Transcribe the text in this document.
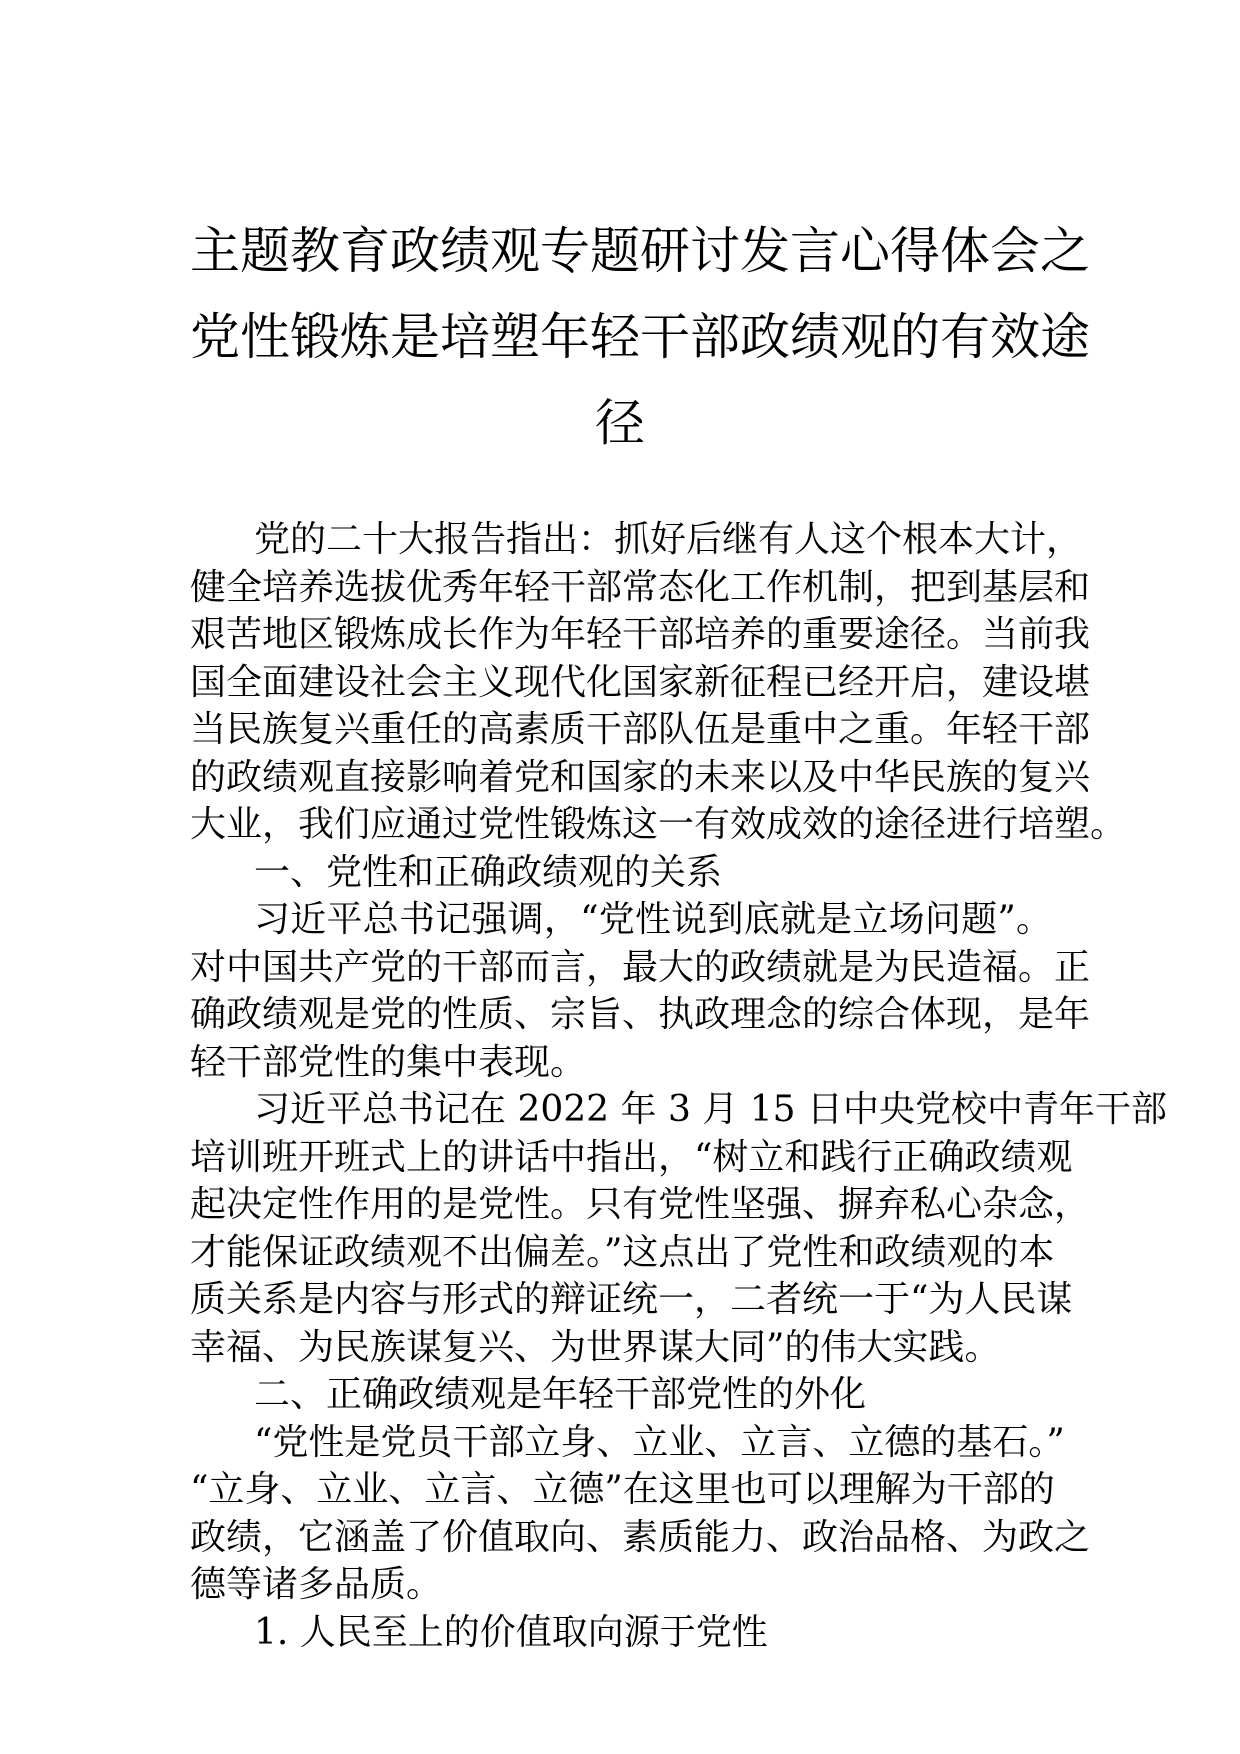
主题教育政绩观专题研讨发言心得体会之
党性锻炼是培塑年轻干部政绩观的有效途
径
党的二十大报告指出：抓好后继有人这个根本大计，
健全培养选拔优秀年轻干部常态化工作机制，把到基层和
艰苦地区锻炼成长作为年轻干部培养的重要途径。当前我
国全面建设社会主义现代化国家新征程已经开启，建设堪
当民族复兴重任的高素质干部队伍是重中之重。年轻干部
的政绩观直接影响着党和国家的未来以及中华民族的复兴
大业，我们应通过党性锻炼这一有效成效的途径进行培塑。
一、党性和正确政绩观的关系
习近平总书记强调，“党性说到底就是立场问题”。
对中国共产党的干部而言，最大的政绩就是为民造福。正
确政绩观是党的性质、宗旨、执政理念的综合体现，是年
轻干部党性的集中表现。
习近平总书记在 2022 年 3 月 15 日中央党校中青年干部
培训班开班式上的讲话中指出，“树立和践行正确政绩观
起决定性作用的是党性。只有党性坚强、摒弃私心杂念，
才能保证政绩观不出偏差。”这点出了党性和政绩观的本
质关系是内容与形式的辩证统一，二者统一于“为人民谋
幸福、为民族谋复兴、为世界谋大同”的伟大实践。
二、正确政绩观是年轻干部党性的外化
“党性是党员干部立身、立业、立言、立德的基石。”
“立身、立业、立言、立德”在这里也可以理解为干部的
政绩，它涵盖了价值取向、素质能力、政治品格、为政之
德等诸多品质。
1. 人民至上的价值取向源于党性
